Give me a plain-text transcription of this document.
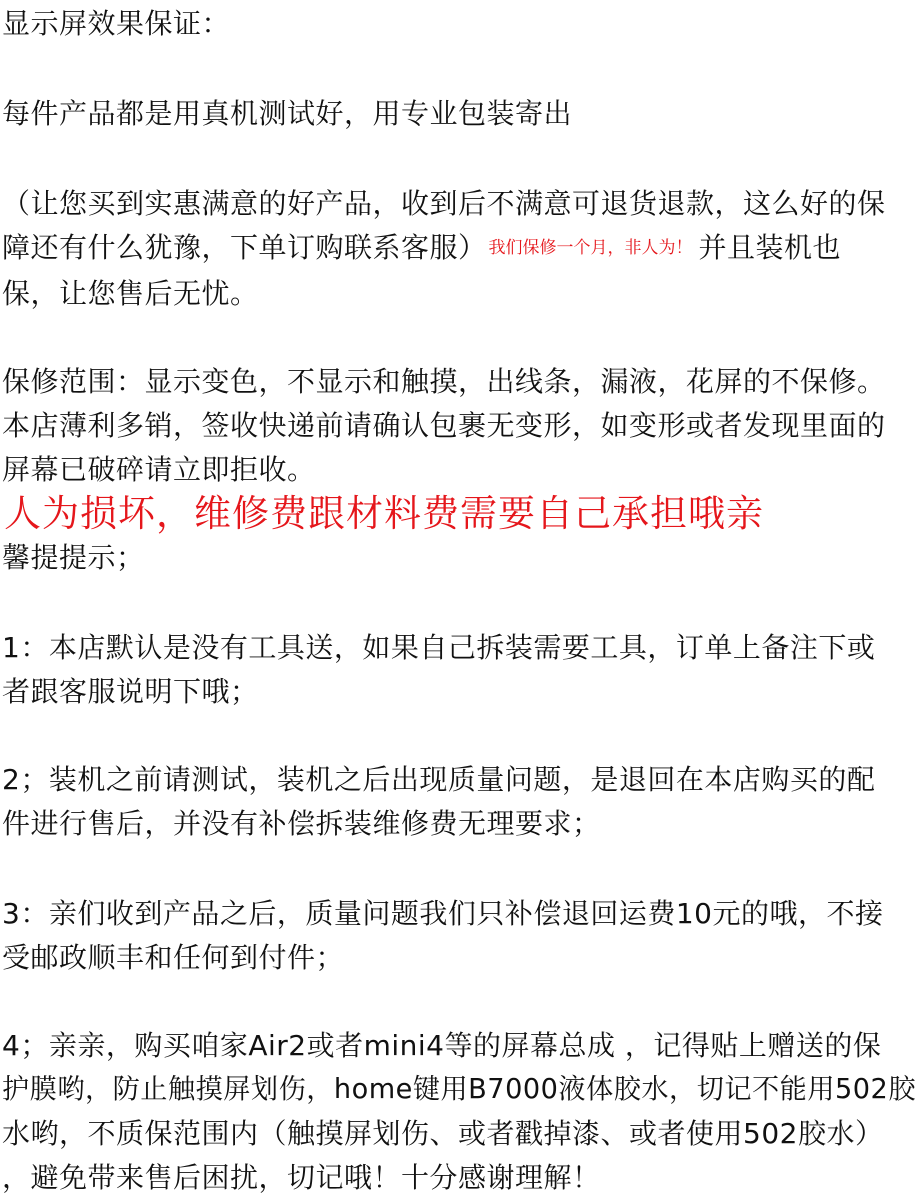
显示屏效果保证：
每件产品都是用真机测试好，用专业包装寄出
（让您买到实惠满意的好产品，收到后不满意可退货退款，这么好的保
障还有什么犹豫，下单订购联系客服） 我们保修一个月，非人为！ 并且装机也
保，让您售后无忧。
保修范围：显示变色，不显示和触摸，出线条，漏液，花屏的不保修。
本店薄利多销，签收快递前请确认包裹无变形，如变形或者发现里面的
屏幕已破碎请立即拒收。
人为损坏，维修费跟材料费需要自己承担哦亲
馨提提示；
1：本店默认是没有工具送，如果自己拆装需要工具，订单上备注下或
者跟客服说明下哦；
2；装机之前请测试，装机之后出现质量问题，是退回在本店购买的配
件进行售后，并没有补偿拆装维修费无理要求；
3：亲们收到产品之后，质量问题我们只补偿退回运费10元的哦，不接
受邮政顺丰和任何到付件；
4；亲亲，购买咱家Air2或者mini4等的屏幕总成 ，记得贴上赠送的保
护膜哟，防止触摸屏划伤，home键用B7000液体胶水，切记不能用502胶
水哟，不质保范围内（触摸屏划伤、或者戳掉漆、或者使用502胶水）
，避免带来售后困扰，切记哦！十分感谢理解！
